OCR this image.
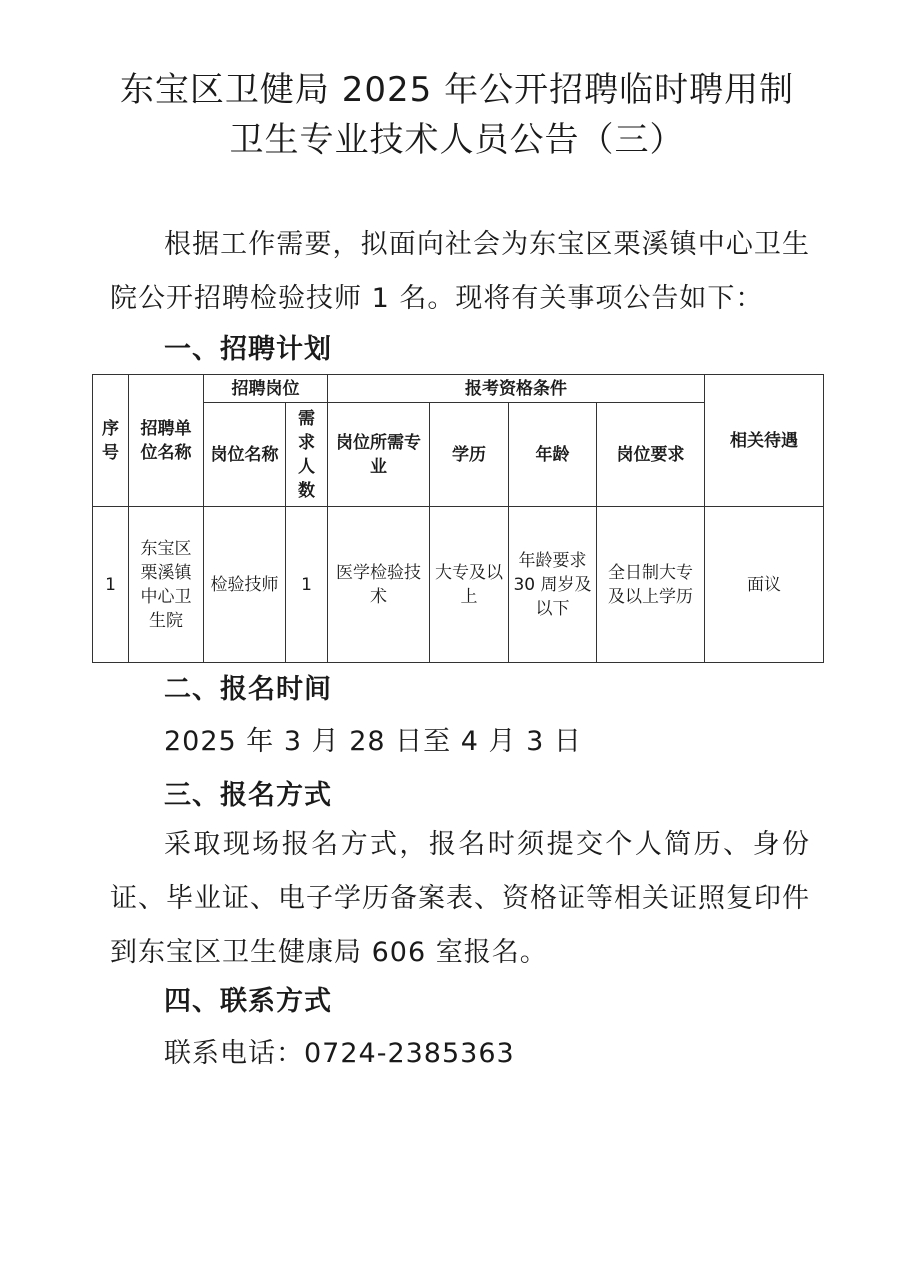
东宝区卫健局 2025 年公开招聘临时聘用制
卫生专业技术人员公告（三）

根据工作需要，拟面向社会为东宝区栗溪镇中心卫生院公开招聘检验技师 1 名。现将有关事项公告如下：

一、招聘计划
序号	招聘单位名称	招聘岗位		报考资格条件				相关待遇
		岗位名称	需求人数	岗位所需专业	学历	年龄	岗位要求	
1	东宝区栗溪镇中心卫生院	检验技师	1	医学检验技术	大专及以上	年龄要求 30 周岁及以下	全日制大专及以上学历	面议
二、报名时间
2025 年 3 月 28 日至 4 月 3 日
三、报名方式

采取现场报名方式，报名时须提交个人简历、身份证、毕业证、电子学历备案表、资格证等相关证照复印件到东宝区卫生健康局 606 室报名。

四、联系方式
联系电话：0724-2385363
